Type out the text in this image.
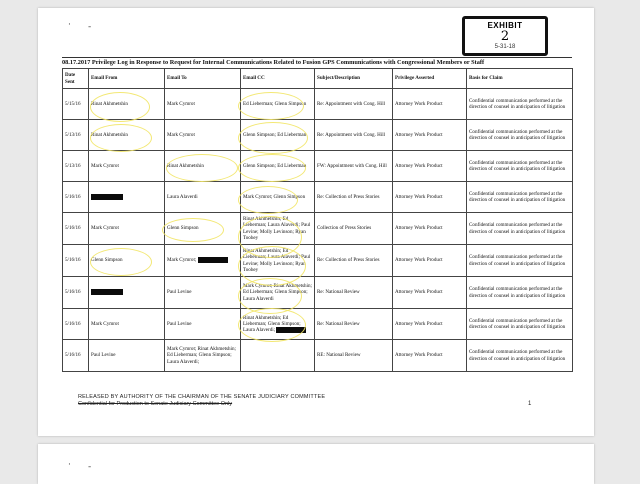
· -	EXHIBIT
2
5-31-18
08.17.2017 Privilege Log in Response to Request for Internal Communications Related to Fusion GPS Communications with Congressional Members or Staff
Date Sent	Email From	Email To	Email CC	Subject/Description	Privilege Asserted	Basis for Claim
5/15/16	Rinat Akhmetshin	Mark Cymrot	Ed Lieberman; Glenn Simpson	Re: Appointment with Cong. Hill	Attorney Work Product	Confidential communication performed at the direction of counsel in anticipation of litigation
5/13/16	Rinat Akhmetshin	Mark Cymrot	Glenn Simpson; Ed Lieberman	Re: Appointment with Cong. Hill	Attorney Work Product	Confidential communication performed at the direction of counsel in anticipation of litigation
5/13/16	Mark Cymrot	Rinat Akhmetshin	Glenn Simpson; Ed Lieberman	FW: Appointment with Cong. Hill	Attorney Work Product	Confidential communication performed at the direction of counsel in anticipation of litigation
5/16/16		Laura Alaverdi	Mark Cymrot; Glenn Simpson	Re: Collection of Press Stories	Attorney Work Product	Confidential communication performed at the direction of counsel in anticipation of litigation
5/16/16	Mark Cymrot	Glenn Simpson	Rinat Akhmetshin; Ed Lieberman; Laura Alaverdi; Paul Levine; Molly Levinson; Ryan Toohey	Collection of Press Stories	Attorney Work Product	Confidential communication performed at the direction of counsel in anticipation of litigation
5/16/16	Glenn Simpson	Mark Cymrot;	Rinat Akhmetshin; Ed Lieberman; Laura Alaverdi; Paul Levine; Molly Levinson; Ryan Toohey	Re: Collection of Press Stories	Attorney Work Product	Confidential communication performed at the direction of counsel in anticipation of litigation
5/16/16		Paul Levine	Mark Cymrot; Rinat Akhmetshin; Ed Lieberman; Glenn Simpson; Laura Alaverdi	Re: National Review	Attorney Work Product	Confidential communication performed at the direction of counsel in anticipation of litigation
5/16/16	Mark Cymrot	Paul Levine	Rinat Akhmetshin; Ed Lieberman; Glenn Simpson; Laura Alaverdi;	Re: National Review	Attorney Work Product	Confidential communication performed at the direction of counsel in anticipation of litigation
5/16/16	Paul Levine	Mark Cymrot; Rinat Akhmetshin; Ed Lieberman; Glenn Simpson; Laura Alaverdi;		RE: National Review	Attorney Work Product	Confidential communication performed at the direction of counsel in anticipation of litigation
RELEASED BY AUTHORITY OF THE CHAIRMAN OF THE SENATE JUDICIARY COMMITTEE
Confidential for Production to Senate Judiciary Committee Only	1
· -
